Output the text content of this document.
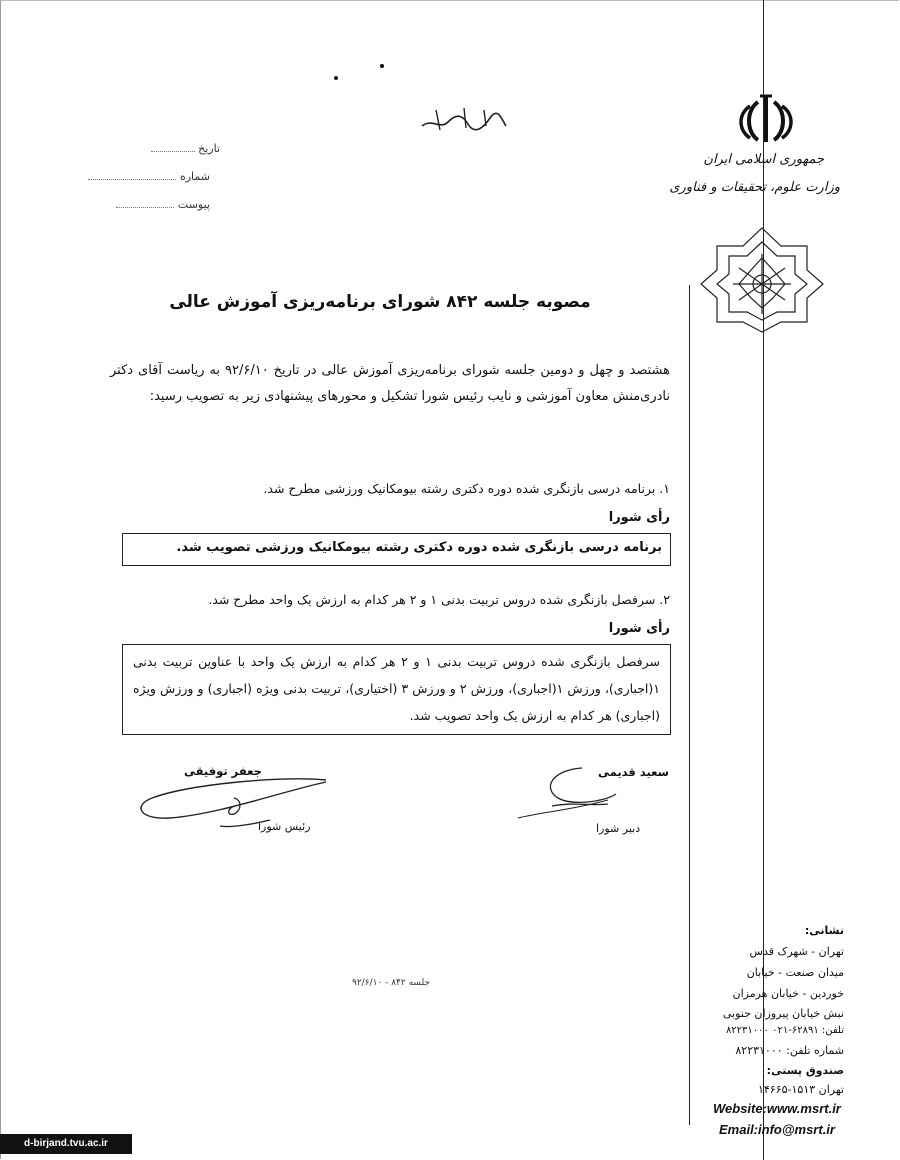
جمهوری اسلامی ایران
وزارت علوم، تحقیقات و فناوری
تاریخ
شماره
پیوست
مصوبه جلسه ۸۴۲ شورای برنامه‌ریزی آموزش عالی
هشتصد و چهل و دومین جلسه شورای برنامه‌ریزی آموزش عالی در تاریخ ۹۲/۶/۱۰ به ریاست آقای دکتر نادری‌منش معاون آموزشی و نایب رئیس شورا تشکیل و محورهای پیشنهادی زیر به تصویب رسید:
۱. برنامه درسی بازنگری شده دوره دکتری رشته بیومکانیک ورزشی مطرح شد.
رأی شورا
برنامه درسی بازنگری شده دوره دکتری رشته بیومکانیک ورزشی تصویب شد.
۲. سرفصل بازنگری شده دروس تربیت بدنی ۱ و ۲ هر کدام به ارزش یک واحد مطرح شد.
رأی شورا
سرفصل بازنگری شده دروس تربیت بدنی ۱ و ۲ هر کدام به ارزش یک واحد با عناوین تربیت بدنی ۱(اجباری)، ورزش ۱(اجباری)، ورزش ۲ و ورزش ۳ (اختیاری)، تربیت بدنی ویژه (اجباری) و ورزش ویژه (اجباری) هر کدام به ارزش یک واحد تصویب شد.
جعفر توفیقی
رئیس شورا
سعید قدیمی
دبیر شورا
جلسه ۸۴۲ - ۹۲/۶/۱۰
نشانی:
تهران - شهرک قدس
میدان صنعت - خیابان
خوردین - خیابان هرمزان
نبش خیابان پیروزان جنوبی
تلفن: ۶۲۸۹۱-۰۲۱ ۸۲۲۳۱۰۰۰
شماره تلفن: ۸۲۲۳۱۰۰۰
صندوق پستی:
تهران ۱۵۱۳-۱۴۶۶۵
Website:www.msrt.ir
Email:info@msrt.ir
d-birjand.tvu.ac.ir
